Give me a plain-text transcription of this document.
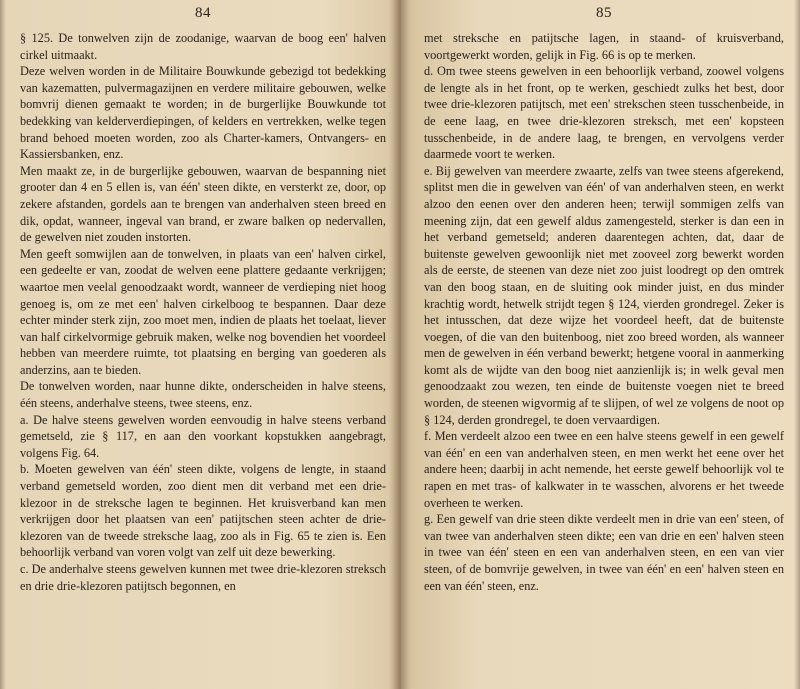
84

§ 125. De tonwelven zijn de zoodanige, waarvan de boog een' halven cirkel uitmaakt.

Deze welven worden in de Militaire Bouwkunde gebezigd tot bedekking van kazematten, pulvermagazijnen en verdere militaire gebouwen, welke bomvrij dienen gemaakt te worden; in de burgerlijke Bouwkunde tot bedekking van kelderverdiepingen, of kelders en vertrekken, welke tegen brand behoed moeten worden, zoo als Charter-kamers, Ontvangers- en Kassiersbanken, enz.

Men maakt ze, in de burgerlijke gebouwen, waarvan de bespanning niet grooter dan 4 en 5 ellen is, van één' steen dikte, en versterkt ze, door, op zekere afstanden, gordels aan te brengen van anderhalven steen breed en dik, opdat, wanneer, ingeval van brand, er zware balken op nedervallen, de gewelven niet zouden instorten.

Men geeft somwijlen aan de tonwelven, in plaats van een' halven cirkel, een gedeelte er van, zoodat de welven eene plattere gedaante verkrijgen; waartoe men veelal genoodzaakt wordt, wanneer de verdieping niet hoog genoeg is, om ze met een' halven cirkelboog te bespannen. Daar deze echter minder sterk zijn, zoo moet men, indien de plaats het toelaat, liever van half cirkelvormige gebruik maken, welke nog bovendien het voordeel hebben van meerdere ruimte, tot plaatsing en berging van goederen als anderzins, aan te bieden.

De tonwelven worden, naar hunne dikte, onderscheiden in halve steens, één steens, anderhalve steens, twee steens, enz.

a. De halve steens gewelven worden eenvoudig in halve steens verband gemetseld, zie § 117, en aan den voorkant kopstukken aangebragt, volgens Fig. 64.

b. Moeten gewelven van één' steen dikte, volgens de lengte, in staand verband gemetseld worden, zoo dient men dit verband met een drie-klezoor in de streksche lagen te beginnen. Het kruisverband kan men verkrijgen door het plaatsen van een' patijtschen steen achter de drie-klezoren van de tweede streksche laag, zoo als in Fig. 65 te zien is. Een behoorlijk verband van voren volgt van zelf uit deze bewerking.

c. De anderhalve steens gewelven kunnen met twee drie-klezoren streksch en drie drie-klezoren patijtsch begonnen, en

85

met streksche en patijtsche lagen, in staand- of kruisverband, voortgewerkt worden, gelijk in Fig. 66 is op te merken.

d. Om twee steens gewelven in een behoorlijk verband, zoowel volgens de lengte als in het front, op te werken, geschiedt zulks het best, door twee drie-klezoren patijtsch, met een' strekschen steen tusschenbeide, in de eene laag, en twee drie-klezoren streksch, met een' kopsteen tusschenbeide, in de andere laag, te brengen, en vervolgens verder daarmede voort te werken.

e. Bij gewelven van meerdere zwaarte, zelfs van twee steens afgerekend, splitst men die in gewelven van één' of van anderhalven steen, en werkt alzoo den eenen over den anderen heen; terwijl sommigen zelfs van meening zijn, dat een gewelf aldus zamengesteld, sterker is dan een in het verband gemetseld; anderen daarentegen achten, dat, daar de buitenste gewelven gewoonlijk niet met zooveel zorg bewerkt worden als de eerste, de steenen van deze niet zoo juist loodregt op den omtrek van den boog staan, en de sluiting ook minder juist, en dus minder krachtig wordt, hetwelk strijdt tegen § 124, vierden grondregel. Zeker is het intusschen, dat deze wijze het voordeel heeft, dat de buitenste voegen, of die van den buitenboog, niet zoo breed worden, als wanneer men de gewelven in één verband bewerkt; hetgene vooral in aanmerking komt als de wijdte van den boog niet aanzienlijk is; in welk geval men genoodzaakt zou wezen, ten einde de buitenste voegen niet te breed worden, de steenen wigvormig af te slijpen, of wel ze volgens de noot op § 124, derden grondregel, te doen vervaardigen.

f. Men verdeelt alzoo een twee en een halve steens gewelf in een gewelf van één' en een van anderhalven steen, en men werkt het eene over het andere heen; daarbij in acht nemende, het eerste gewelf behoorlijk vol te rapen en met tras- of kalkwater in te wasschen, alvorens er het tweede overheen te werken.

g. Een gewelf van drie steen dikte verdeelt men in drie van een' steen, of van twee van anderhalven steen dikte; een van drie en een' halven steen in twee van één' steen en een van anderhalven steen, en een van vier steen, of de bomvrije gewelven, in twee van één' en een' halven steen en een van één' steen, enz.
